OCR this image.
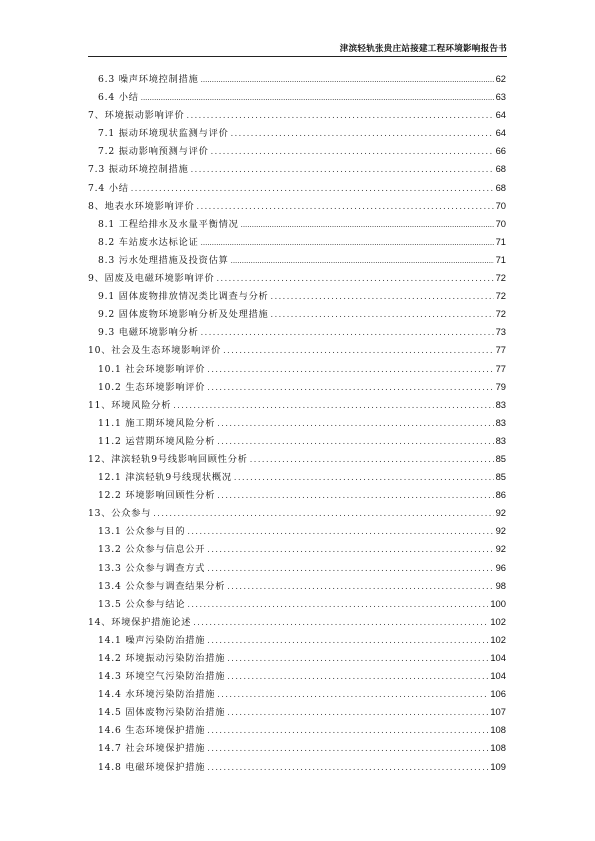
津滨轻轨张贵庄站接建工程环境影响报告书
6.3 噪声环境控制措施 .....	62
6.4 小结 .....	63
7、环境振动影响评价 .....	64
7.1 振动环境现状监测与评价 .....	64
7.2 振动影响预测与评价 .....	66
7.3 振动环境控制措施 .....	68
7.4 小结 .....	68
8、地表水环境影响评价 .....	70
8.1 工程给排水及水量平衡情况 .....	70
8.2 车站废水达标论证 .....	71
8.3 污水处理措施及投资估算 .....	71
9、固废及电磁环境影响评价 .....	72
9.1 固体废物排放情况类比调查与分析 .....	72
9.2 固体废物环境影响分析及处理措施 .....	72
9.3 电磁环境影响分析 .....	73
10、社会及生态环境影响评价 .....	77
10.1 社会环境影响评价 .....	77
10.2 生态环境影响评价 .....	79
11、环境风险分析 .....	83
11.1 施工期环境风险分析 .....	83
11.2 运营期环境风险分析 .....	83
12、津滨轻轨9号线影响回顾性分析 .....	85
12.1 津滨轻轨9号线现状概况 .....	85
12.2 环境影响回顾性分析 .....	86
13、公众参与 .....	92
13.1 公众参与目的 .....	92
13.2 公众参与信息公开 .....	92
13.3 公众参与调查方式 .....	96
13.4 公众参与调查结果分析 .....	98
13.5 公众参与结论 .....	100
14、环境保护措施论述 .....	102
14.1 噪声污染防治措施 .....	102
14.2 环境振动污染防治措施 .....	104
14.3 环境空气污染防治措施 .....	104
14.4 水环境污染防治措施 .....	106
14.5 固体废物污染防治措施 .....	107
14.6 生态环境保护措施 .....	108
14.7 社会环境保护措施 .....	108
14.8 电磁环境保护措施 .....	109
